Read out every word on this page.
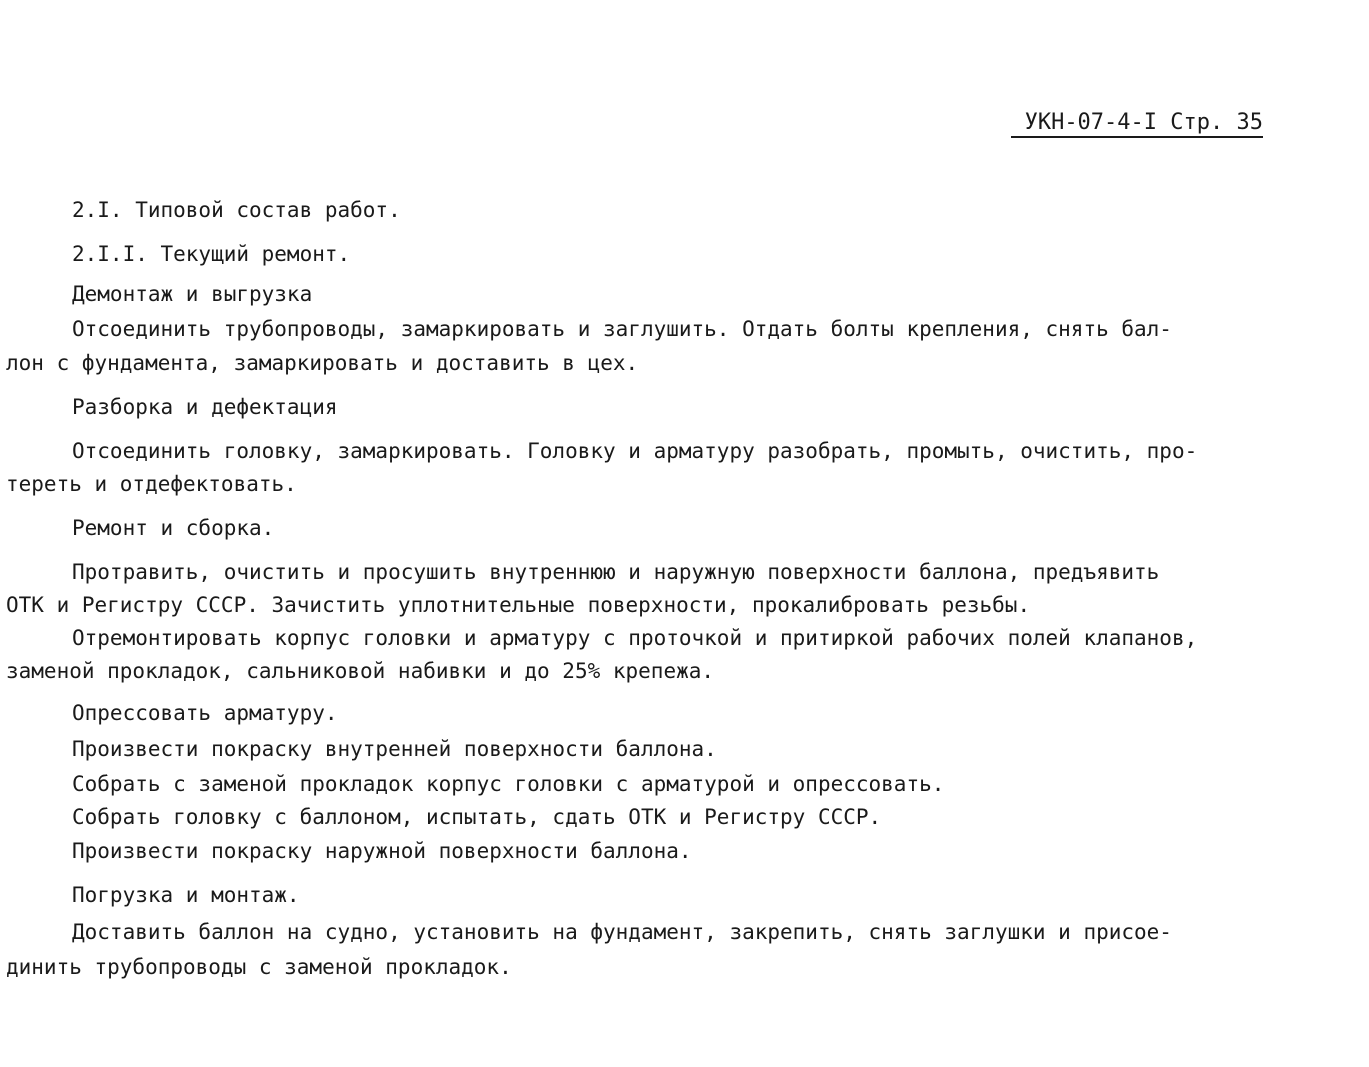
УКН-07-4-I Стр. 35
2.I. Типовой состав работ.
2.I.I. Текущий ремонт.
Демонтаж и выгрузка
Отсоединить трубопроводы, замаркировать и заглушить. Отдать болты крепления, снять бал-
лон с фундамента, замаркировать и доставить в цех.
Разборка и дефектация
Отсоединить головку, замаркировать. Головку и арматуру разобрать, промыть, очистить, про-
тереть и отдефектовать.
Ремонт и сборка.
Протравить, очистить и просушить внутреннюю и наружную поверхности баллона, предъявить
ОТК и Регистру СССР. Зачистить уплотнительные поверхности, прокалибровать резьбы.
Отремонтировать корпус головки и арматуру с проточкой и притиркой рабочих полей клапанов,
заменой прокладок, сальниковой набивки и до 25% крепежа.
Опрессовать арматуру.
Произвести покраску внутренней поверхности баллона.
Собрать с заменой прокладок корпус головки с арматурой и опрессовать.
Собрать головку с баллоном, испытать, сдать ОТК и Регистру СССР.
Произвести покраску наружной поверхности баллона.
Погрузка и монтаж.
Доставить баллон на судно, установить на фундамент, закрепить, снять заглушки и присое-
динить трубопроводы с заменой прокладок.
